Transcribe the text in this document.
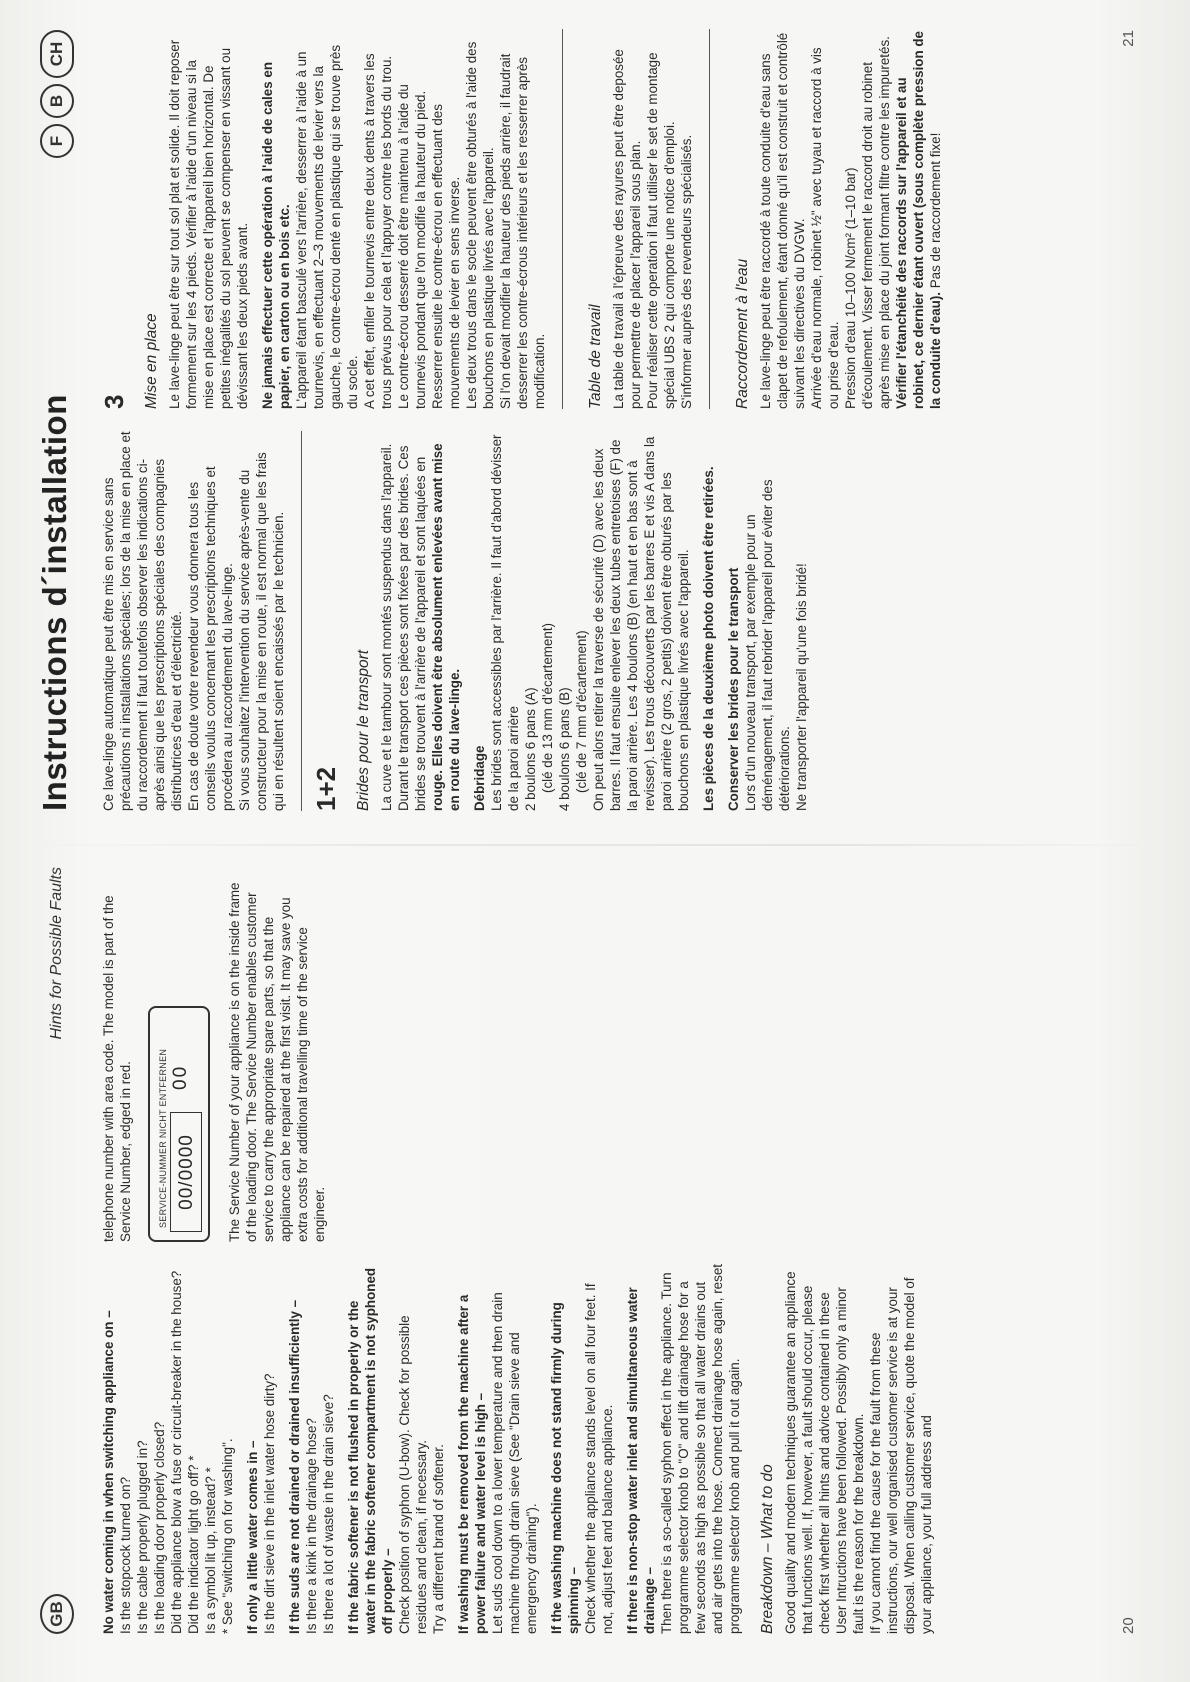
GB
Hints for Possible Faults

No water coming in when switching appliance on – Is the stopcock turned on? Is the cable properly plugged in? Is the loading door properly closed? Did the appliance blow a fuse or circuit-breaker in the house? Did the indicator light go off? * Is a symbol lit up, instead? * * See "switching on for washing". If only a little water comes in – Is the dirt sieve in the inlet water hose dirty? If the suds are not drained or drained insufficiently – Is there a kink in the drainage hose? Is there a lot of waste in the drain sieve? If the fabric softener is not flushed in properly or the water in the fabric softener compartment is not syphoned off properly – Check position of syphon (U-bow). Check for possible residues and clean, if necessary. Try a different brand of softener. If washing must be removed from the machine after a power failure and water level is high – Let suds cool down to a lower temperature and then drain machine through drain sieve (See "Drain sieve and emergency draining"). If the washing machine does not stand firmly during spinning – Check whether the appliance stands level on all four feet. If not, adjust feet and balance appliance. If there is non-stop water inlet and simultaneous water drainage – Then there is a so-called syphon effect in the appliance. Turn programme selector knob to "O" and lift drainage hose for a few seconds as high as possible so that all water drains out and air gets into the hose. Connect drainage hose again, reset programme selector knob and pull it out again. Breakdown – What to do Good quality and modern techniques guarantee an appliance that functions well. If, however, a fault should occur, please check first whether all hints and advice contained in these User Intructions have been followed. Possibly only a minor fault is the reason for the breakdown. If you cannot find the cause for the fault from these instructions, our well organised customer service is at your disposal. When calling customer service, quote the model of your appliance, your full address and

telephone number with area code. The model is part of the Service Number, edged in red.	SERVICE-NUMMER NICHT ENTFERNEN 00/0000
00	The Service Number of your appliance is on the inside frame of the loading door. The Service Number enables customer service to carry the appropriate spare parts, so that the appliance can be repaired at the first visit. It may save you extra costs for additional travelling time of the service engineer.

20
Instructions d´installation
F
B
CH

Ce lave-linge automatique peut être mis en service sans précautions ni installations spéciales; lors de la mise en place et du raccordement il faut toutefois observer les indications ci-après ainsi que les prescriptions spéciales des compagnies distributrices d'eau et d'électricité. En cas de doute votre revendeur vous donnera tous les conseils voulus concernant les prescriptions techniques et procédera au raccordement du lave-linge. Si vous souhaitez l'intervention du service après-vente du constructeur pour la mise en route, il est normal que les frais qui en résultent soient encaissés par le technicien. 1+2 Brides pour le transport La cuve et le tambour sont montés suspendus dans l'appareil. Durant le transport ces pièces sont fixées par des brides. Ces brides se trouvent à l'arrière de l'appareil et sont laquées en rouge. Elles doivent être absolument enlevées avant mise en route du lave-linge. Débridage Les brides sont accessibles par l'arrière. Il faut d'abord dévisser de la paroi arrière 2 boulons 6 pans (A) (clé de 13 mm d'écartement) 4 boulons 6 pans (B) (clé de 7 mm d'écartement) On peut alors retirer la traverse de sécurité (D) avec les deux barres. Il faut ensuite enlever les deux tubes entretoises (F) de la paroi arrière. Les 4 boulons (B) (en haut et en bas sont à revisser). Les trous découverts par les barres E et vis A dans la paroi arrière (2 gros, 2 petits) doivent être obturés par les bouchons en plastique livrés avec l'appareil. Les pièces de la deuxième photo doivent être retirées. Conserver les brides pour le transport Lors d'un nouveau transport, par exemple pour un déménagement, il faut rebrider l'appareil pour éviter des détériorations. Ne transporter l'appareil qu'une fois bridé!

3 Mise en place Le lave-linge peut être sur tout sol plat et solide. Il doit reposer formement sur les 4 pieds. Vérifier à l'aide d'un niveau si la mise en place est correcte et l'appareil bien horizontal. De petites inégalités du sol peuvent se compenser en vissant ou dévissant les deux pieds avant. Ne jamais effectuer cette opération à l'aide de cales en papier, en carton ou en bois etc. L'appareil étant basculé vers l'arrière, desserrer à l'aide à un tournevis, en effectuant 2–3 mouvements de levier vers la gauche, le contre-écrou denté en plastique qui se trouve près du socle. A cet effet, enfiler le tournevis entre deux dents à travers les trous prévus pour cela et l'appuyer contre les bords du trou. Le contre-écrou desserré doit être maintenu à l'aide du tournevis pondant que l'on modifie la hauteur du pied. Resserrer ensuite le contre-écrou en effectuant des mouvements de levier en sens inverse. Les deux trous dans le socle peuvent être obturés à l'aide des bouchons en plastique livrés avec l'appareil. Si l'on devait modifier la hauteur des pieds arrière, il faudrait desserrer les contre-écrous intérieurs et les resserrer après modification.	Table de travail La table de travail à l'épreuve des rayures peut être deposée pour permettre de placer l'appareil sous plan. Pour réaliser cette operation il faut utiliser le set de montage spécial UBS 2 qui comporte une notice d'emploi. S'informer auprès des revendeurs spécialisés.	Raccordement à l'eau Le lave-linge peut être raccordé à toute conduite d'eau sans clapet de refoulement, étant donné qu'il est construit et contrôlé suivant les directives du DVGW. Arrivée d'eau normale, robinet ½" avec tuyau et raccord à vis ou prise d'eau. Pression d'eau 10–100 N/cm² (1–10 bar) d'écoulement. Visser fermement le raccord droit au robinet après mise en place du joint formant filtre contre les impuretés. Vérifier l'étanchéité des raccords sur l'appareil et au robinet, ce dernier étant ouvert (sous complète pression de la conduite d'eau). Pas de raccordement fixe!

21
